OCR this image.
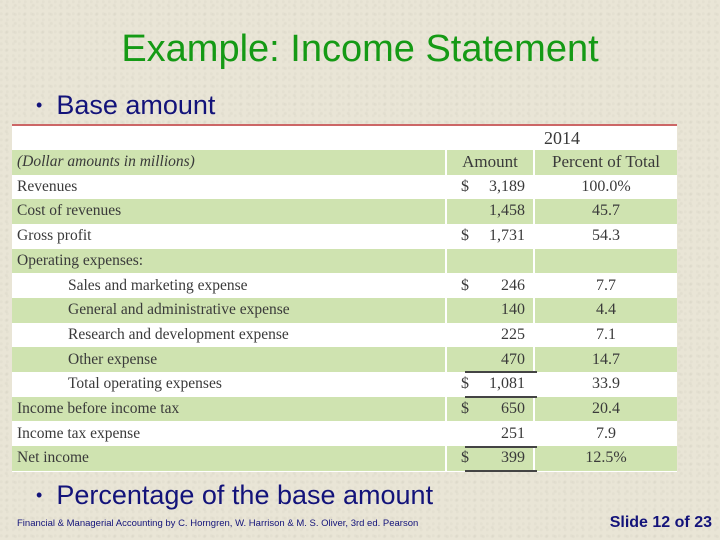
Example: Income Statement
• Base amount
2014
(Dollar amounts in millions)	Amount	Percent of Total
Revenues	$	3,189	100.0%
Cost of revenues	1,458	45.7
Gross profit	$	1,731	54.3
Operating expenses:
Sales and marketing expense	$	246	7.7
General and administrative expense	140	4.4
Research and development expense	225	7.1
Other expense	470	14.7
Total operating expenses	$	1,081	33.9
Income before income tax	$	650	20.4
Income tax expense	251	7.9
Net income	$	399	12.5%
• Percentage of the base amount
Financial & Managerial Accounting by C. Horngren, W. Harrison & M. S. Oliver, 3rd ed. Pearson	Slide 12 of 23
